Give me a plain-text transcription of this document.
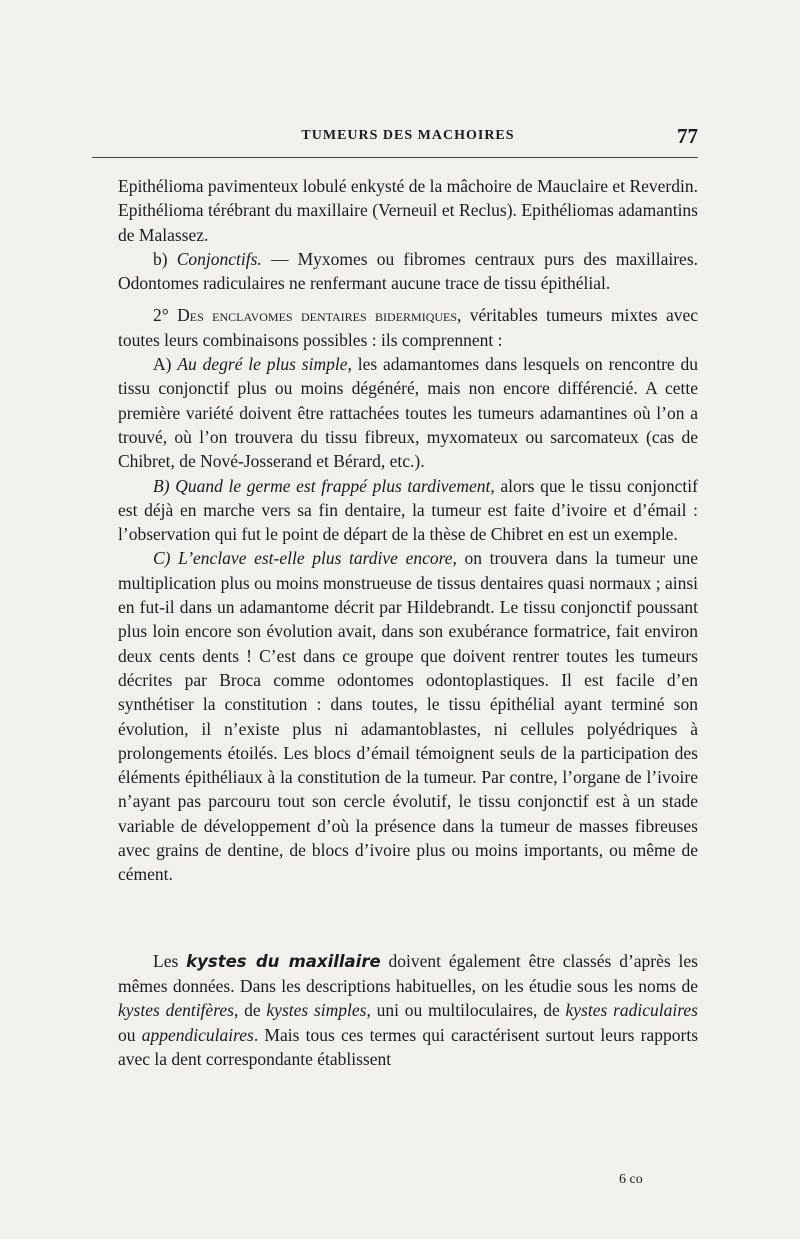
TUMEURS DES MACHOIRES	77

Epithélioma pavimenteux lobulé enkysté de la mâchoire de Mauclaire et Reverdin. Epithélioma térébrant du maxillaire (Verneuil et Reclus). Epithéliomas adamantins de Malassez.

b) Conjonctifs. — Myxomes ou fibromes centraux purs des maxillaires. Odontomes radiculaires ne renfermant aucune trace de tissu épithélial.

2° Des enclavomes dentaires bidermiques, véritables tumeurs mixtes avec toutes leurs combinaisons possibles : ils comprennent :

A) Au degré le plus simple, les adamantomes dans lesquels on rencontre du tissu conjonctif plus ou moins dégénéré, mais non encore différencié. A cette première variété doivent être rattachées toutes les tumeurs adamantines où l’on a trouvé, où l’on trouvera du tissu fibreux, myxomateux ou sarcomateux (cas de Chibret, de Nové-Josserand et Bérard, etc.).

B) Quand le germe est frappé plus tardivement, alors que le tissu conjonctif est déjà en marche vers sa fin dentaire, la tumeur est faite d’ivoire et d’émail : l’observation qui fut le point de départ de la thèse de Chibret en est un exemple.

C) L’enclave est-elle plus tardive encore, on trouvera dans la tumeur une multiplication plus ou moins monstrueuse de tissus dentaires quasi normaux ; ainsi en fut-il dans un adamantome décrit par Hildebrandt. Le tissu conjonctif poussant plus loin encore son évolution avait, dans son exubérance formatrice, fait environ deux cents dents ! C’est dans ce groupe que doivent rentrer toutes les tumeurs décrites par Broca comme odontomes odontoplastiques. Il est facile d’en synthétiser la constitution : dans toutes, le tissu épithélial ayant terminé son évolution, il n’existe plus ni adamantoblastes, ni cellules polyédriques à prolongements étoilés. Les blocs d’émail témoignent seuls de la participation des éléments épithéliaux à la constitution de la tumeur. Par contre, l’organe de l’ivoire n’ayant pas parcouru tout son cercle évolutif, le tissu conjonctif est à un stade variable de développement d’où la présence dans la tumeur de masses fibreuses avec grains de dentine, de blocs d’ivoire plus ou moins importants, ou même de cément.

Les kystes du maxillaire doivent également être classés d’après les mêmes données. Dans les descriptions habituelles, on les étudie sous les noms de kystes dentifères, de kystes simples, uni ou multiloculaires, de kystes radiculaires ou appendiculaires. Mais tous ces termes qui caractérisent surtout leurs rapports avec la dent correspondante établissent

6 co
